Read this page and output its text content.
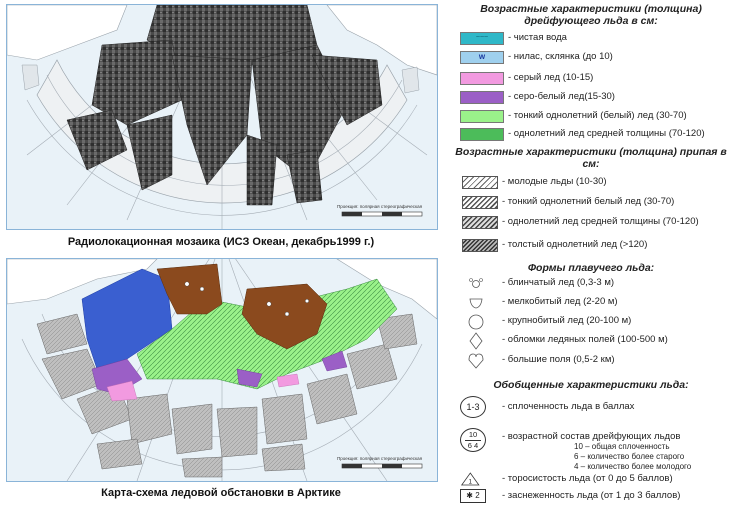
Проекция: полярная стереографическая
Радиолокационная мозаика (ИСЗ Океан, декабрь1999 г.)
Проекция: полярная стереографическая
Карта-схема ледовой обстановки в Арктике
Возрастные характеристики (толщина) дрейфующего льда в см:
~~~	- чистая вода
w	- нилас, склянка (до 10)
- серый лед (10-15)
- серо-белый лед(15-30)
- тонкий однолетний (белый) лед (30-70)
- однолетний лед средней толщины (70-120)
Возрастные характеристики (толщина) припая в см:
- молодые льды (10-30)
- тонкий однолетний белый лед (30-70)
- однолетний лед средней толщины (70-120)
- толстый однолетний лед (>120)
Формы плавучего льда:
- блинчатый лед (0,3-3 м)
- мелкобитый лед (2-20 м)
- крупнобитый лед (20-100 м)
- обломки ледяных полей (100-500 м)
- большие поля (0,5-2 км)
Обобщенные характеристики льда:
1-3	- сплоченность льда в баллах
10
6 4
- возрастной состав дрейфующих льдов
10 – общая сплоченность
6 – количество более старого
4 – количество более молодого
1	- торосистость льда (от 0 до 5 баллов)
✱ 2	- заснеженность льда (от 1 до 3 баллов)
